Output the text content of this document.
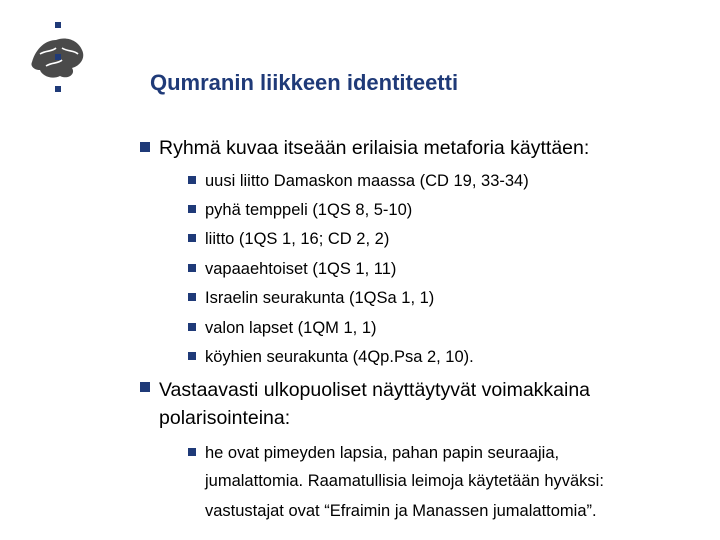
Qumranin liikkeen identiteetti
Ryhmä kuvaa itseään erilaisia metaforia käyttäen:
uusi liitto Damaskon maassa (CD 19, 33-34)
pyhä temppeli (1QS 8, 5-10)
liitto (1QS 1, 16; CD 2, 2)
vapaaehtoiset (1QS 1, 11)
Israelin seurakunta (1QSa 1, 1)
valon lapset (1QM 1, 1)
köyhien seurakunta (4Qp.Psa 2, 10).
Vastaavasti ulkopuoliset näyttäytyvät voimakkaina
polarisointeina:
he ovat pimeyden lapsia, pahan papin seuraajia,
jumalattomia. Raamatullisia leimoja käytetään hyväksi:
vastustajat ovat “Efraimin ja Manassen jumalattomia”.
